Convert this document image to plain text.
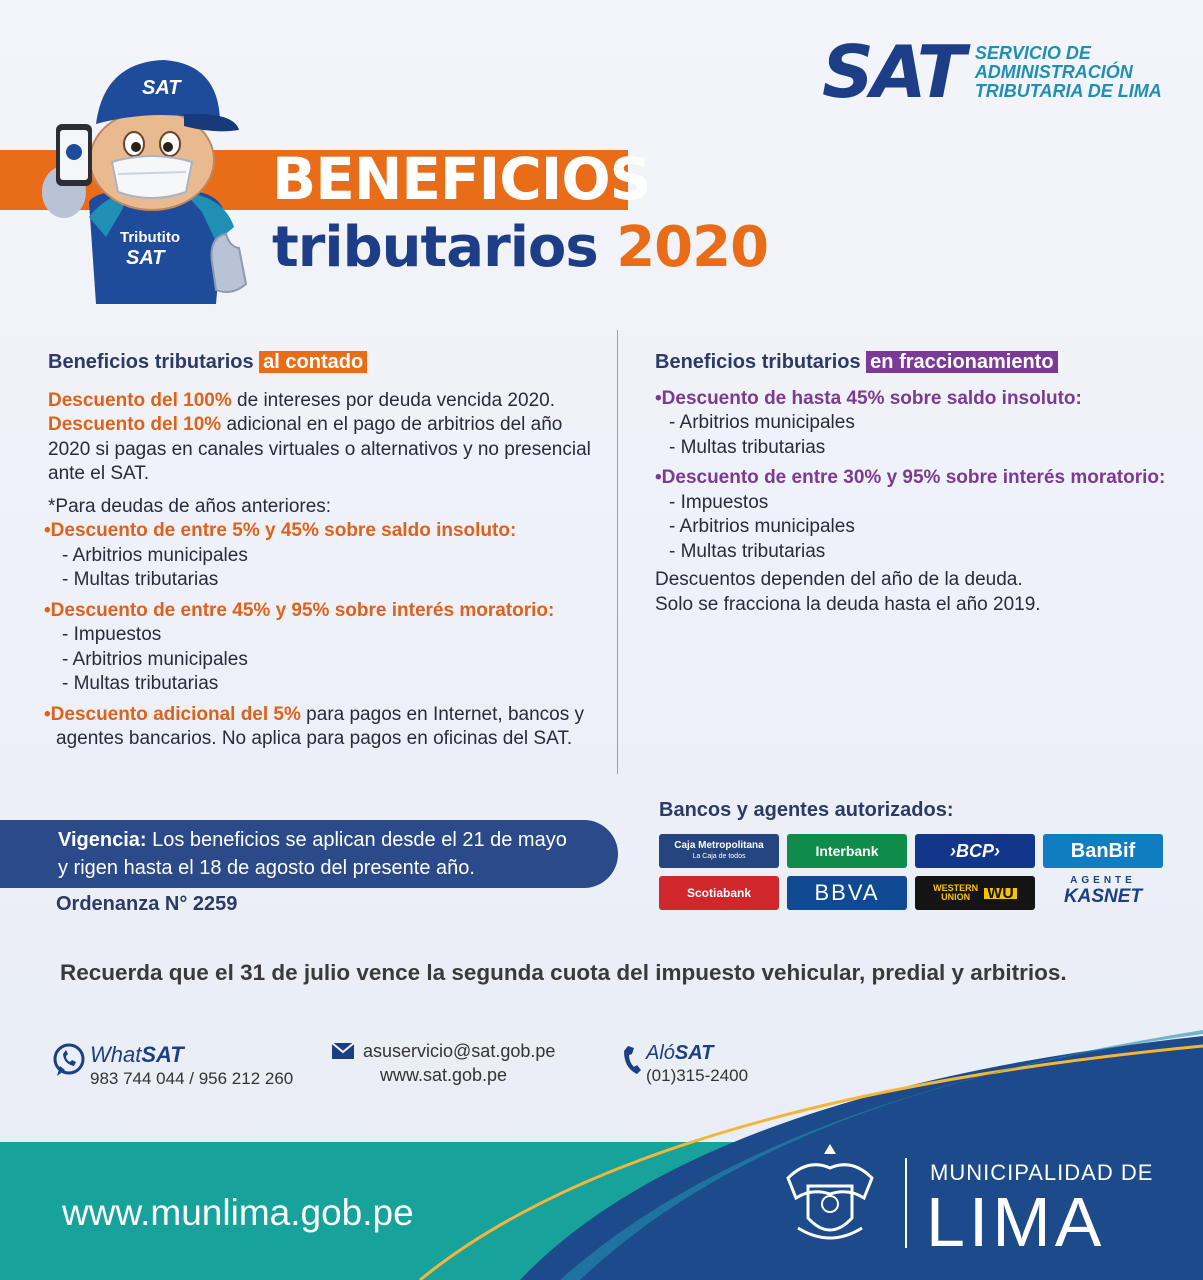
SAT SERVICIO DE
ADMINISTRACIÓN
TRIBUTARIA DE LIMA
Tributito
SAT
SAT
BENEFICIOS
tributarios 2020
Beneficios tributarios al contado
Descuento del 100% de intereses por deuda vencida 2020.
Descuento del 10% adicional en el pago de arbitrios del año 2020 si pagas en canales virtuales o alternativos y no presencial ante el SAT.
*Para deudas de años anteriores:
•Descuento de entre 5% y 45% sobre saldo insoluto:
- Arbitrios municipales
- Multas tributarias
•Descuento de entre 45% y 95% sobre interés moratorio:
- Impuestos
- Arbitrios municipales
- Multas tributarias
•Descuento adicional del 5% para pagos en Internet, bancos y agentes bancarios. No aplica para pagos en oficinas del SAT.
Beneficios tributarios en fraccionamiento
•Descuento de hasta 45% sobre saldo insoluto:
- Arbitrios municipales
- Multas tributarias
•Descuento de entre 30% y 95% sobre interés moratorio:
- Impuestos
- Arbitrios municipales
- Multas tributarias
Descuentos dependen del año de la deuda.
Solo se fracciona la deuda hasta el año 2019.
Vigencia: Los beneficios se aplican desde el 21 de mayo
y rigen hasta el 18 de agosto del presente año.
Ordenanza N° 2259
Bancos y agentes autorizados:
Caja Metropolitana
La Caja de todos	Interbank	›BCP›	BanBif
Scotiabank	BBVA	WESTERN
UNION WU
AGENTE
KASNET
Recuerda que el 31 de julio vence la segunda cuota del impuesto vehicular, predial y arbitrios.
WhatSAT
983 744 044 / 956 212 260
asuservicio@sat.gob.pe
www.sat.gob.pe
AlóSAT
(01)315-2400
www.munlima.gob.pe
MUNICIPALIDAD DE
LIMA
